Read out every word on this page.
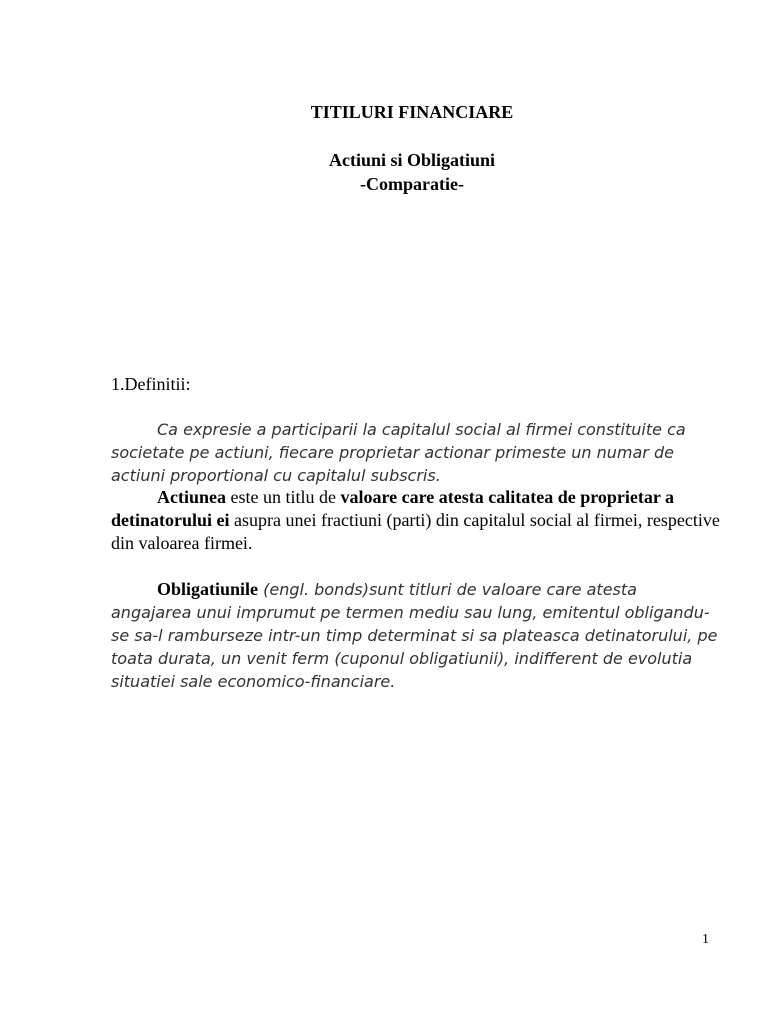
TITILURI FINANCIARE
Actiuni si Obligatiuni
-Comparatie-
1.Definitii:
Ca expresie a participarii la capitalul social al firmei constituite ca societate pe actiuni, fiecare proprietar actionar primeste un numar de actiuni proportional cu capitalul subscris.
Actiunea este un titlu de valoare care atesta calitatea de proprietar a detinatorului ei asupra unei fractiuni (parti) din capitalul social al firmei, respective din valoarea firmei.
Obligatiunile (engl. bonds)sunt titluri de valoare care atesta angajarea unui imprumut pe termen mediu sau lung, emitentul obligandu-se sa-l ramburseze intr-un timp determinat si sa plateasca detinatorului, pe toata durata, un venit ferm (cuponul obligatiunii), indifferent de evolutia situatiei sale economico-financiare.
1
